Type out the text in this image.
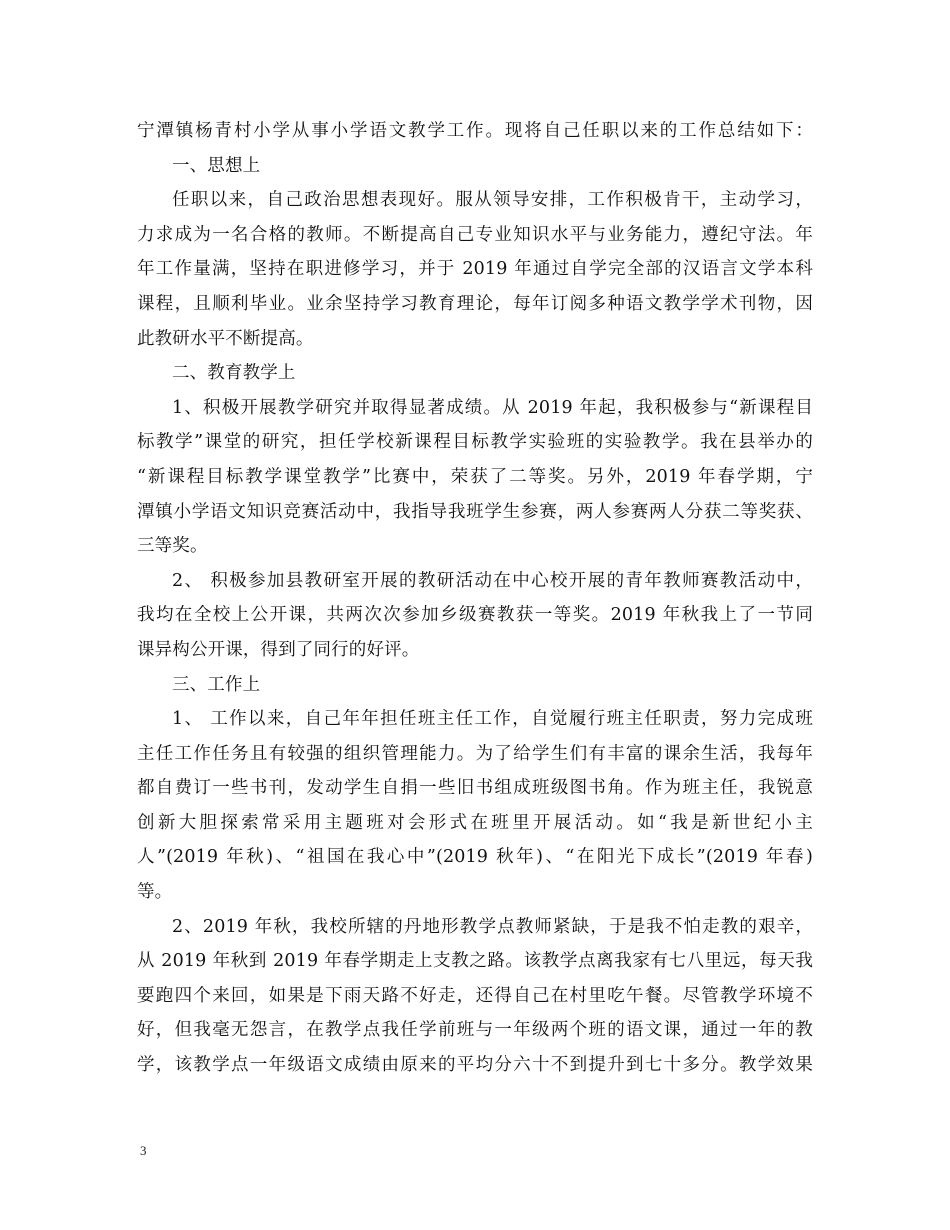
宁潭镇杨青村小学从事小学语文教学工作。现将自己任职以来的工作总结如下：
一、思想上
任职以来，自己政治思想表现好。服从领导安排，工作积极肯干，主动学习，
力求成为一名合格的教师。不断提高自己专业知识水平与业务能力，遵纪守法。年
年工作量满，坚持在职进修学习，并于 2019 年通过自学完全部的汉语言文学本科
课程，且顺利毕业。业余坚持学习教育理论，每年订阅多种语文教学学术刊物，因
此教研水平不断提高。
二、教育教学上
1、积极开展教学研究并取得显著成绩。从 2019 年起，我积极参与“新课程目
标教学”课堂的研究，担任学校新课程目标教学实验班的实验教学。我在县举办的
“新课程目标教学课堂教学”比赛中，荣获了二等奖。另外，2019 年春学期，宁
潭镇小学语文知识竞赛活动中，我指导我班学生参赛，两人参赛两人分获二等奖获、
三等奖。
2、 积极参加县教研室开展的教研活动在中心校开展的青年教师赛教活动中，
我均在全校上公开课，共两次次参加乡级赛教获一等奖。2019 年秋我上了一节同
课异构公开课，得到了同行的好评。
三、工作上
1、 工作以来，自己年年担任班主任工作，自觉履行班主任职责，努力完成班
主任工作任务且有较强的组织管理能力。为了给学生们有丰富的课余生活，我每年
都自费订一些书刊，发动学生自捐一些旧书组成班级图书角。作为班主任，我锐意
创新大胆探索常采用主题班对会形式在班里开展活动。如“我是新世纪小主
人”(2019 年秋)、“祖国在我心中”(2019 秋年)、“在阳光下成长”(2019 年春)
等。
2、2019 年秋，我校所辖的丹地形教学点教师紧缺，于是我不怕走教的艰辛，
从 2019 年秋到 2019 年春学期走上支教之路。该教学点离我家有七八里远，每天我
要跑四个来回，如果是下雨天路不好走，还得自己在村里吃午餐。尽管教学环境不
好，但我毫无怨言，在教学点我任学前班与一年级两个班的语文课，通过一年的教
学，该教学点一年级语文成绩由原来的平均分六十不到提升到七十多分。教学效果
3
